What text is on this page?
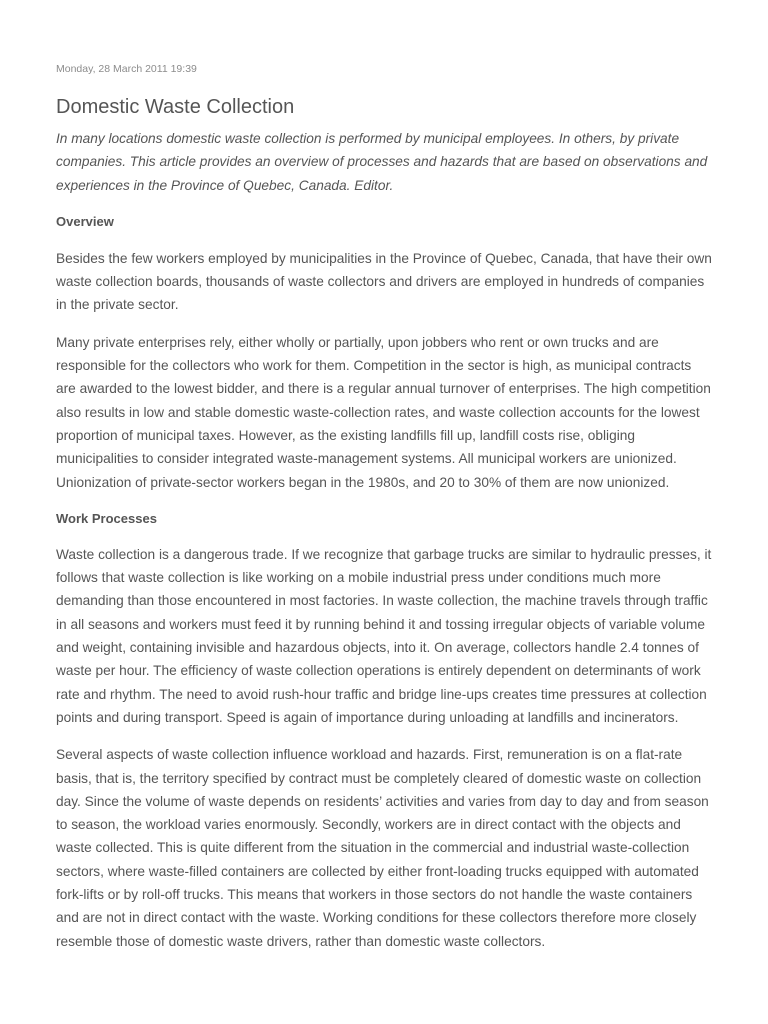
Monday, 28 March 2011 19:39

Domestic Waste Collection

In many locations domestic waste collection is performed by municipal employees. In others, by private companies. This article provides an overview of processes and hazards that are based on observations and experiences in the Province of Quebec, Canada. Editor.

Overview

Besides the few workers employed by municipalities in the Province of Quebec, Canada, that have their own waste collection boards, thousands of waste collectors and drivers are employed in hundreds of companies in the private sector.

Many private enterprises rely, either wholly or partially, upon jobbers who rent or own trucks and are responsible for the collectors who work for them. Competition in the sector is high, as municipal contracts are awarded to the lowest bidder, and there is a regular annual turnover of enterprises. The high competition also results in low and stable domestic waste-collection rates, and waste collection accounts for the lowest proportion of municipal taxes. However, as the existing landfills fill up, landfill costs rise, obliging municipalities to consider integrated waste-management systems. All municipal workers are unionized. Unionization of private-sector workers began in the 1980s, and 20 to 30% of them are now unionized.

Work Processes

Waste collection is a dangerous trade. If we recognize that garbage trucks are similar to hydraulic presses, it follows that waste collection is like working on a mobile industrial press under conditions much more demanding than those encountered in most factories. In waste collection, the machine travels through traffic in all seasons and workers must feed it by running behind it and tossing irregular objects of variable volume and weight, containing invisible and hazardous objects, into it. On average, collectors handle 2.4 tonnes of waste per hour. The efficiency of waste collection operations is entirely dependent on determinants of work rate and rhythm. The need to avoid rush-hour traffic and bridge line-ups creates time pressures at collection points and during transport. Speed is again of importance during unloading at landfills and incinerators.

Several aspects of waste collection influence workload and hazards. First, remuneration is on a flat-rate basis, that is, the territory specified by contract must be completely cleared of domestic waste on collection day. Since the volume of waste depends on residents’ activities and varies from day to day and from season to season, the workload varies enormously. Secondly, workers are in direct contact with the objects and waste collected. This is quite different from the situation in the commercial and industrial waste-collection sectors, where waste-filled containers are collected by either front-loading trucks equipped with automated fork-lifts or by roll-off trucks. This means that workers in those sectors do not handle the waste containers and are not in direct contact with the waste. Working conditions for these collectors therefore more closely resemble those of domestic waste drivers, rather than domestic waste collectors.
